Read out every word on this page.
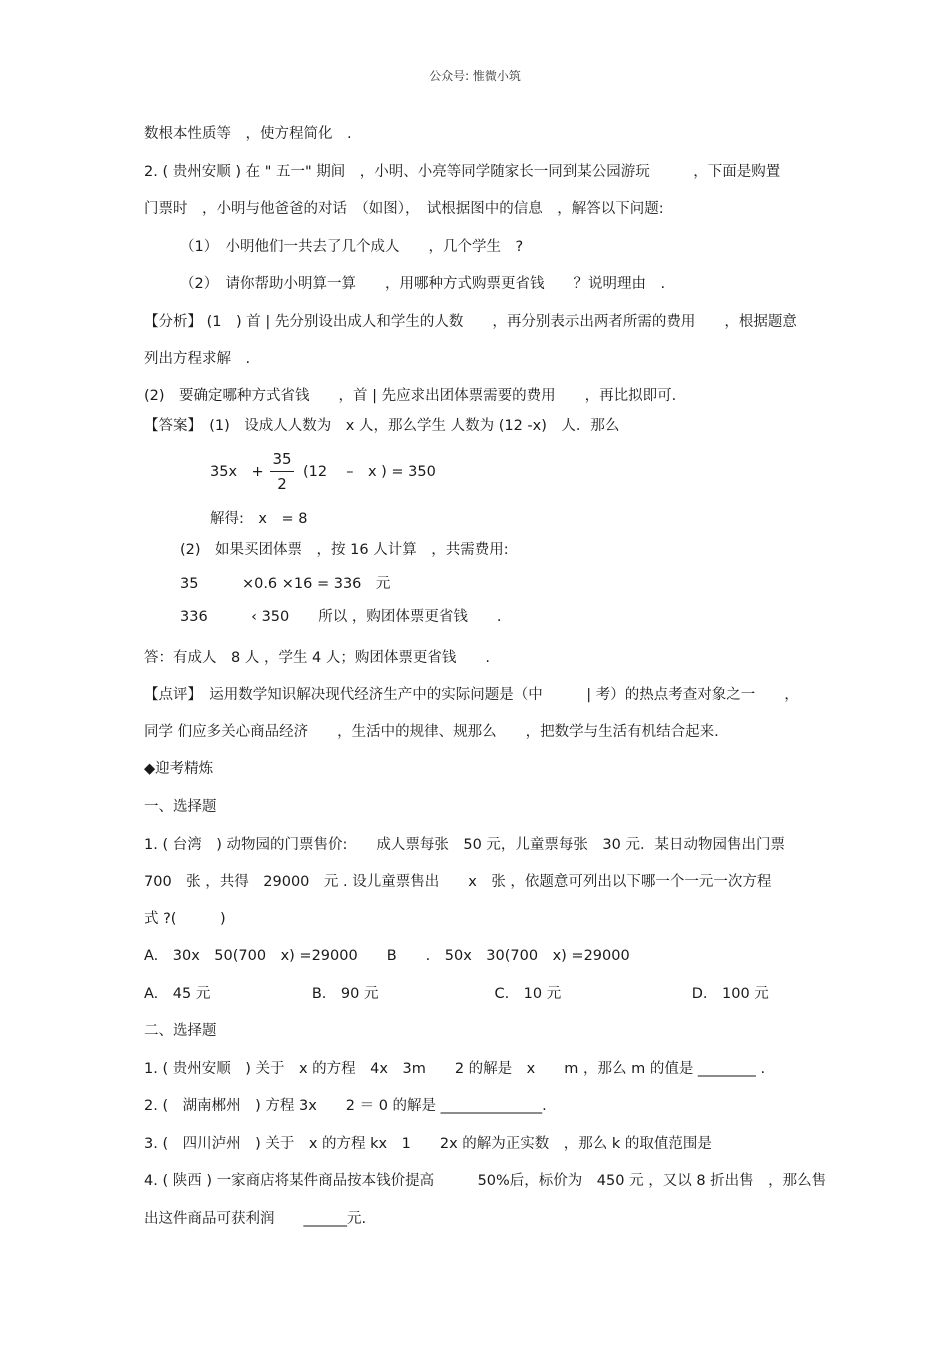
公众号: 惟微小筑
数根本性质等　，使方程简化　.
2. ( 贵州安顺 ) 在 " 五一" 期间　，小明、小亮等同学随家长一同到某公园游玩　　　，下面是购置
门票时　，小明与他爸爸的对话　（如图），　试根据图中的信息　，解答以下问题:
（1）　小明他们一共去了几个成人　　，几个学生　?
（2）　请你帮助小明算一算　　，用哪种方式购票更省钱　　？说明理由　.
【分析】 (1　) 首 | 先分别设出成人和学生的人数　　，再分别表示出两者所需的费用　　，根据题意
列出方程求解　.
(2)　要确定哪种方式省钱　　，首 | 先应求出团体票需要的费用　　，再比拟即可.
【答案】　(1)　设成人人数为　x 人，那么学生 人数为 (12 -x)　人．那么
35x　+
35
2
(12　 –　x ) = 350
解得:　x　= 8
(2)　如果买团体票　，按 16 人计算　，共需费用:
35　　　×0.6 ×16 = 336　元
336　　　‹ 350　　所以 ，购团体票更省钱　　.
答：有成人　8 人 ，学生 4 人；购团体票更省钱　　.
【点评】　运用数学知识解决现代经济生产中的实际问题是（中　　　| 考）的热点考查对象之一　　，
同学 们应多关心商品经济　　，生活中的规律、规那么　　，把数学与生活有机结合起来.
◆迎考精炼
一、选择题
1. ( 台湾　) 动物园的门票售价:　　成人票每张　50 元，儿童票每张　30 元．某日动物园售出门票
700　张 ，共得　29000　元 . 设儿童票售出　　x　张 ，依题意可列出以下哪一个一元一次方程
式 ?(　　　)
A.　30x　50(700　x) =29000　　B　　.　50x　30(700　x) =29000
A.　45 元　　　　　　　B.　90 元　　　　　　　　C.　10 元　　　　　　　　　D.　100 元
二、选择题
1. ( 贵州安顺　) 关于　x 的方程　4x　3m　　2 的解是　x　　m ，那么 m 的值是 ________ .
2. (　湖南郴州　) 方程 3x　　2 ＝ 0 的解是 ______________.
3. (　四川泸州　) 关于　x 的方程 kx　1　　2x 的解为正实数　，那么 k 的取值范围是
4. ( 陕西 ) 一家商店将某件商品按本钱价提高　　　50%后，标价为　450 元 ，又以 8 折出售　，那么售
出这件商品可获利润　　______元.
